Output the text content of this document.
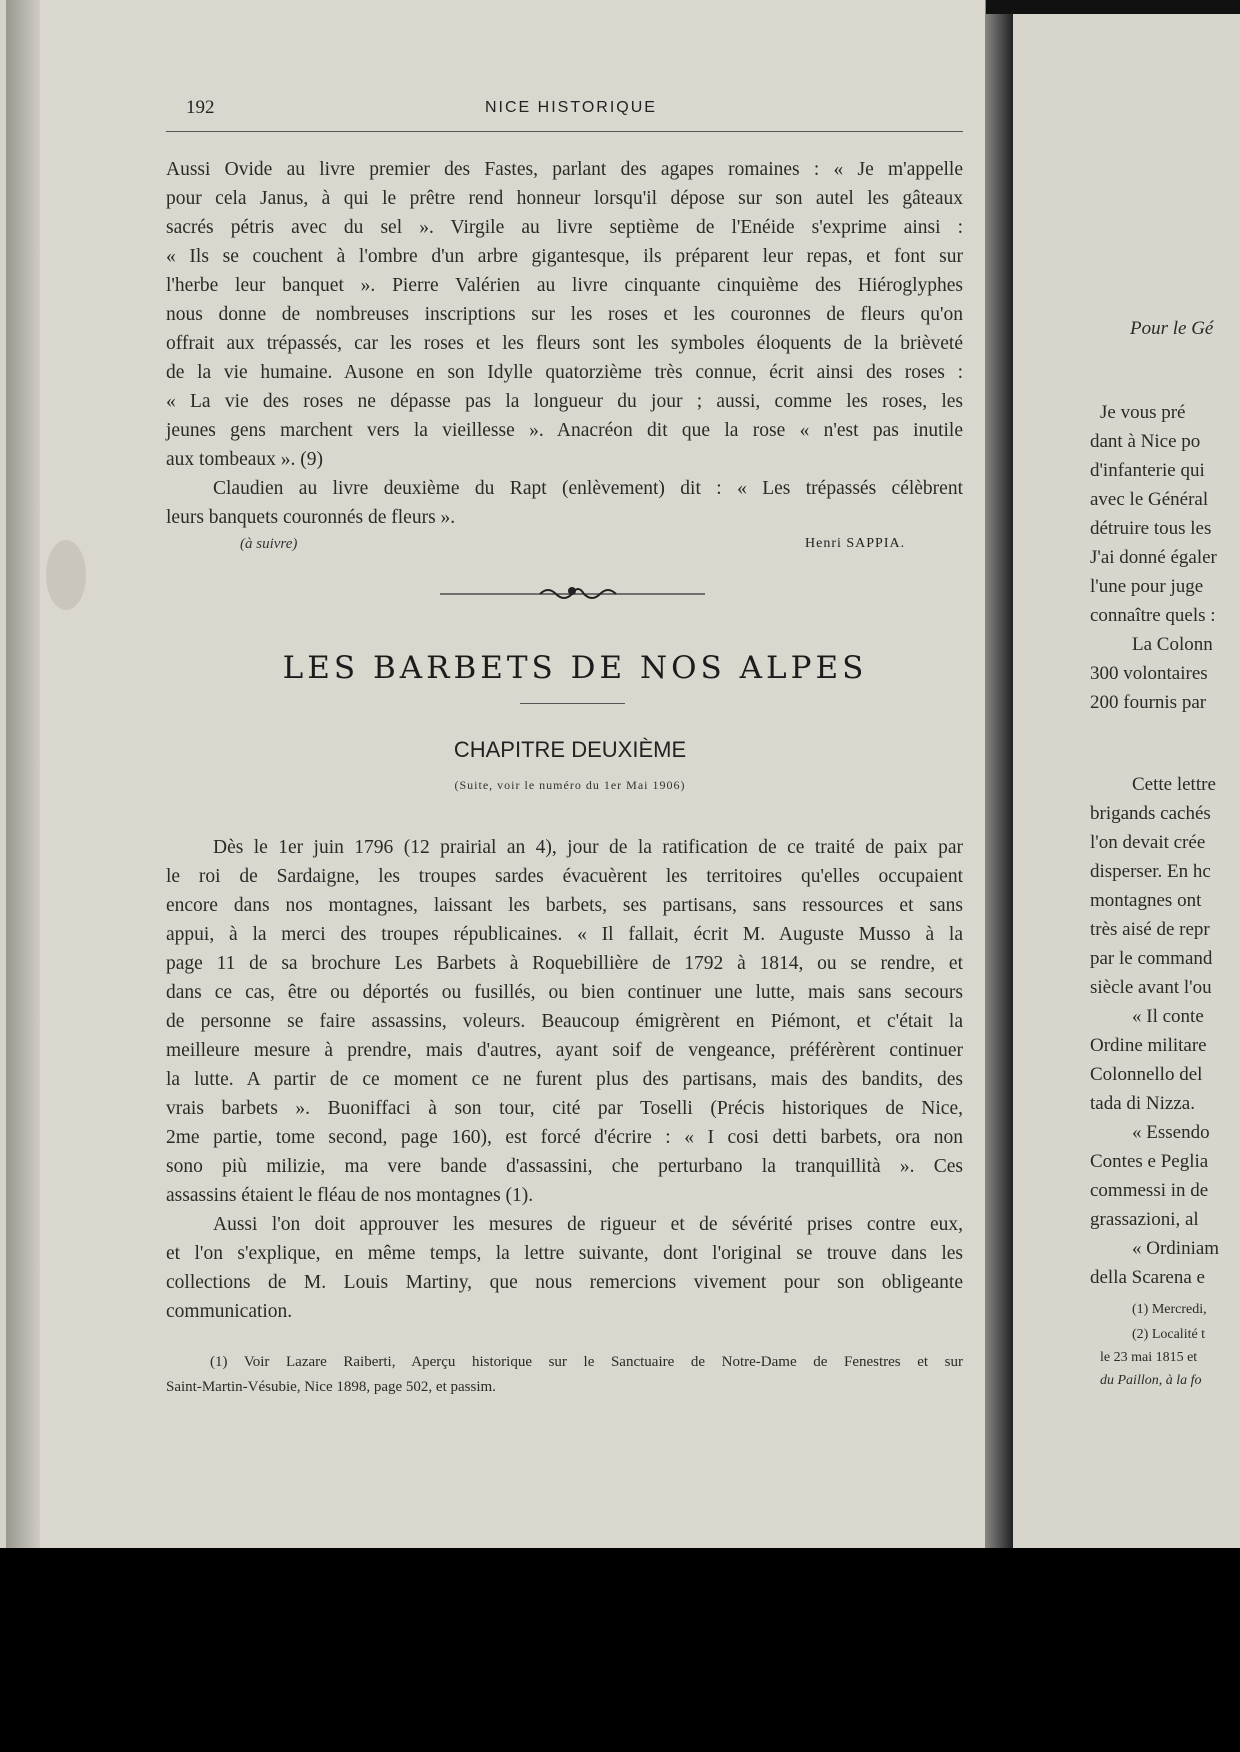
192	NICE HISTORIQUE
Aussi Ovide au livre premier des Fastes, parlant des agapes romaines : « Je m'appelle
pour cela Janus, à qui le prêtre rend honneur lorsqu'il dépose sur son autel les gâteaux
sacrés pétris avec du sel ». Virgile au livre septième de l'Enéide s'exprime ainsi :
« Ils se couchent à l'ombre d'un arbre gigantesque, ils préparent leur repas, et font sur
l'herbe leur banquet ». Pierre Valérien au livre cinquante cinquième des Hiéroglyphes
nous donne de nombreuses inscriptions sur les roses et les couronnes de fleurs qu'on
offrait aux trépassés, car les roses et les fleurs sont les symboles éloquents de la brièveté
de la vie humaine. Ausone en son Idylle quatorzième très connue, écrit ainsi des roses :
« La vie des roses ne dépasse pas la longueur du jour ; aussi, comme les roses, les
jeunes gens marchent vers la vieillesse ». Anacréon dit que la rose « n'est pas inutile
aux tombeaux ». (9)
Claudien au livre deuxième du Rapt (enlèvement) dit : « Les trépassés célèbrent
leurs banquets couronnés de fleurs ».
(à suivre)	Henri SAPPIA.
LES BARBETS DE NOS ALPES
CHAPITRE DEUXIÈME
(Suite, voir le numéro du 1er Mai 1906)
Dès le 1er juin 1796 (12 prairial an 4), jour de la ratification de ce traité de paix par
le roi de Sardaigne, les troupes sardes évacuèrent les territoires qu'elles occupaient
encore dans nos montagnes, laissant les barbets, ses partisans, sans ressources et sans
appui, à la merci des troupes républicaines. « Il fallait, écrit M. Auguste Musso à la
page 11 de sa brochure Les Barbets à Roquebillière de 1792 à 1814, ou se rendre, et
dans ce cas, être ou déportés ou fusillés, ou bien continuer une lutte, mais sans secours
de personne se faire assassins, voleurs. Beaucoup émigrèrent en Piémont, et c'était la
meilleure mesure à prendre, mais d'autres, ayant soif de vengeance, préférèrent continuer
la lutte. A partir de ce moment ce ne furent plus des partisans, mais des bandits, des
vrais barbets ». Buoniffaci à son tour, cité par Toselli (Précis historiques de Nice,
2me partie, tome second, page 160), est forcé d'écrire : « I cosi detti barbets, ora non
sono più milizie, ma vere bande d'assassini, che perturbano la tranquillità ». Ces
assassins étaient le fléau de nos montagnes (1).
Aussi l'on doit approuver les mesures de rigueur et de sévérité prises contre eux,
et l'on s'explique, en même temps, la lettre suivante, dont l'original se trouve dans les
collections de M. Louis Martiny, que nous remercions vivement pour son obligeante
communication.
(1) Voir Lazare Raiberti, Aperçu historique sur le Sanctuaire de Notre-Dame de Fenestres et sur
Saint-Martin-Vésubie, Nice 1898, page 502, et passim.
Pour le Gé
Je vous pré
dant à Nice po
d'infanterie qui
avec le Général
détruire tous les
J'ai donné égaler
l'une pour juge
connaître quels :
La Colonn
300 volontaires
200 fournis par
Cette lettre
brigands cachés
l'on devait crée
disperser. En hc
montagnes ont
très aisé de repr
par le command
siècle avant l'ou
« Il conte
Ordine militare
Colonnello del
tada di Nizza.
« Essendo
Contes e Peglia
commessi in de
grassazioni, al
« Ordiniam
della Scarena e
(1) Mercredi,
(2) Localité t
le 23 mai 1815 et
du Paillon, à la fo
